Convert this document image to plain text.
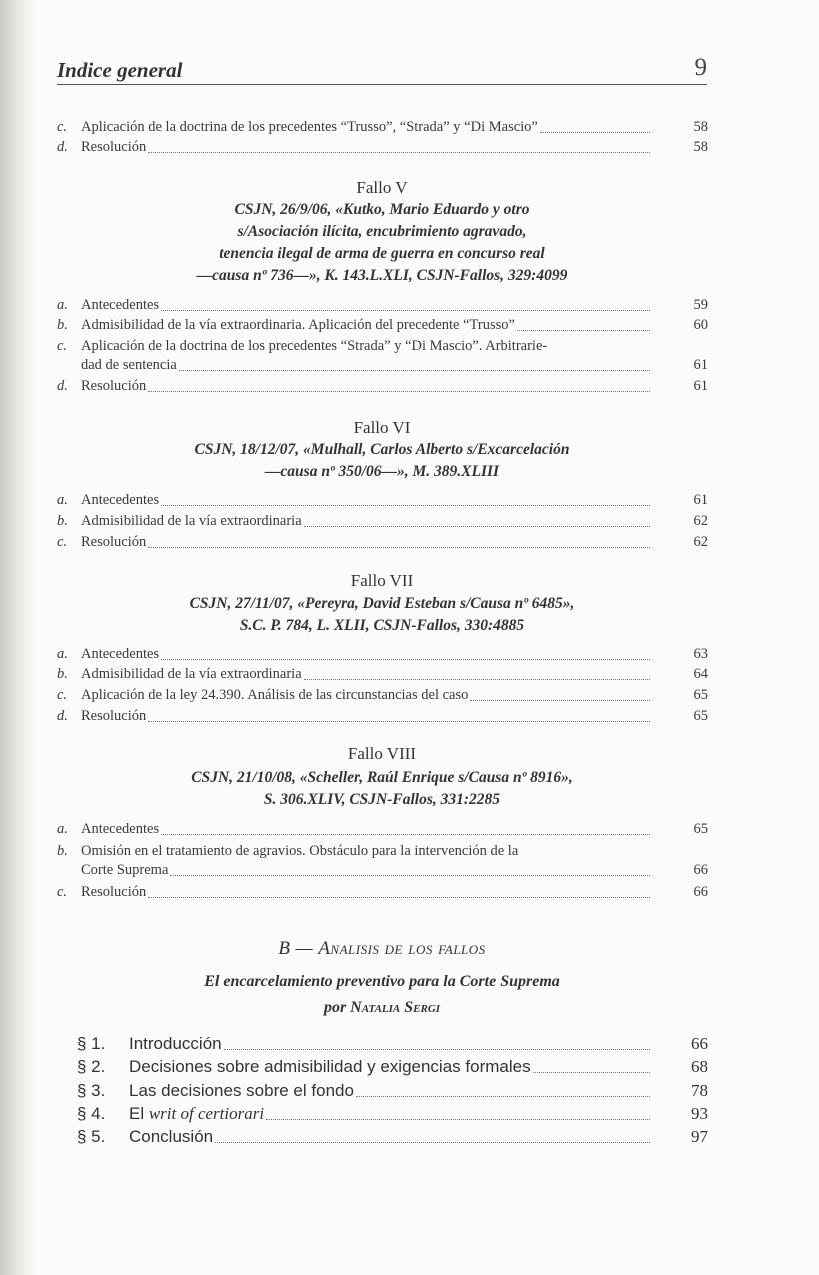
Indice general	9
c. Aplicación de la doctrina de los precedentes “Trusso”, “Strada” y “Di Mascio”	58
d. Resolución	58
Fallo V
CSJN, 26/9/06, «Kutko, Mario Eduardo y otro
s/Asociación ilícita, encubrimiento agravado,
tenencia ilegal de arma de guerra en concurso real
—causa nº 736—», K. 143.L.XLI, CSJN-Fallos, 329:4099
a. Antecedentes	59
b. Admisibilidad de la vía extraordinaria. Aplicación del precedente “Trusso”	60
c. Aplicación de la doctrina de los precedentes “Strada” y “Di Mascio”. Arbitrarie-
dad de sentencia	61
d. Resolución	61
Fallo VI
CSJN, 18/12/07, «Mulhall, Carlos Alberto s/Excarcelación
—causa nº 350/06—», M. 389.XLIII
a. Antecedentes	61
b. Admisibilidad de la vía extraordinaria	62
c. Resolución	62
Fallo VII
CSJN, 27/11/07, «Pereyra, David Esteban s/Causa nº 6485»,
S.C. P. 784, L. XLII, CSJN-Fallos, 330:4885
a. Antecedentes	63
b. Admisibilidad de la vía extraordinaria	64
c. Aplicación de la ley 24.390. Análisis de las circunstancias del caso	65
d. Resolución	65
Fallo VIII
CSJN, 21/10/08, «Scheller, Raúl Enrique s/Causa nº 8916»,
S. 306.XLIV, CSJN-Fallos, 331:2285
a. Antecedentes	65
b. Omisión en el tratamiento de agravios. Obstáculo para la intervención de la
Corte Suprema	66
c. Resolución	66
B — Analisis de los fallos
El encarcelamiento preventivo para la Corte Suprema
por Natalia Sergi
§ 1.	Introducción	66
§ 2.	Decisiones sobre admisibilidad y exigencias formales	68
§ 3.	Las decisiones sobre el fondo	78
§ 4.	El writ of certiorari	93
§ 5.	Conclusión	97
